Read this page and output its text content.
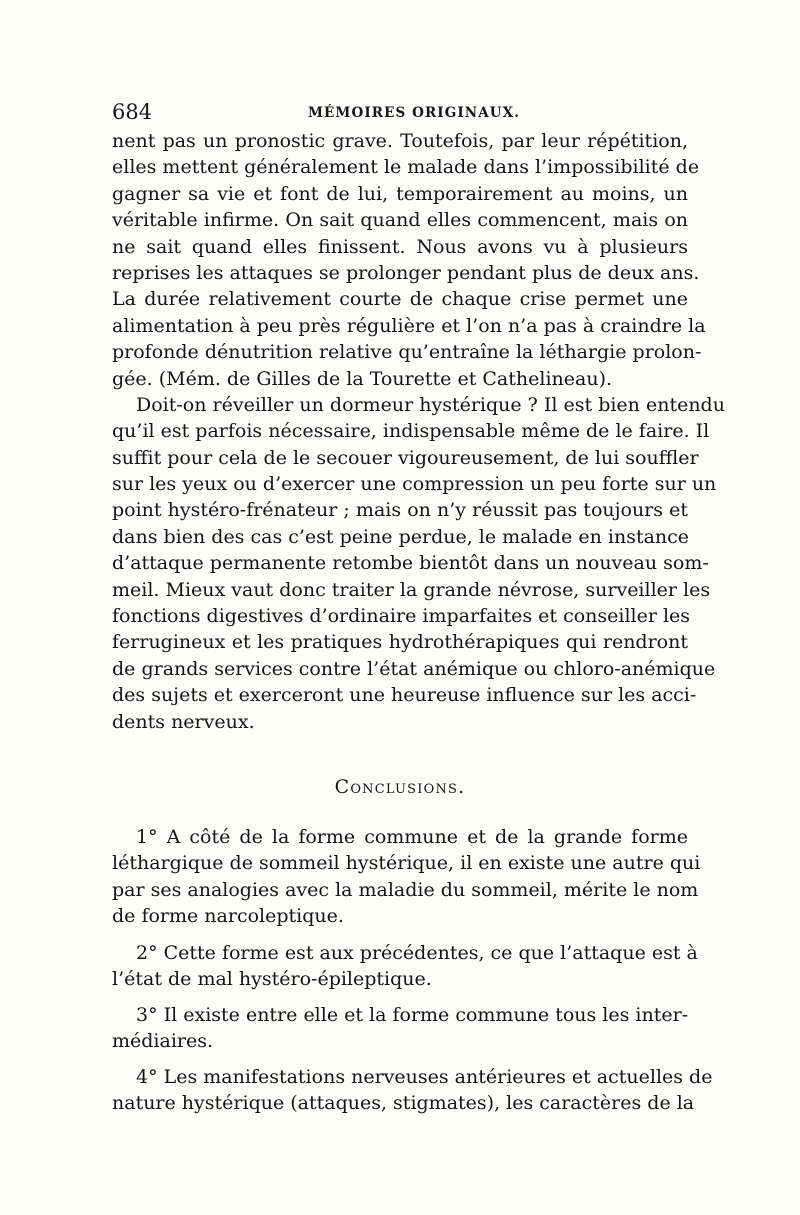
684	MÉMOIRES ORIGINAUX.
nent pas un pronostic grave. Toutefois, par leur répétition,
elles mettent généralement le malade dans l’impossibilité de
gagner sa vie et font de lui, temporairement au moins, un
véritable infirme. On sait quand elles commencent, mais on
ne sait quand elles finissent. Nous avons vu à plusieurs
reprises les attaques se prolonger pendant plus de deux ans.
La durée relativement courte de chaque crise permet une
alimentation à peu près régulière et l’on n’a pas à craindre la
profonde dénutrition relative qu’entraîne la léthargie prolon-
gée. (Mém. de Gilles de la Tourette et Cathelineau).
Doit-on réveiller un dormeur hystérique ? Il est bien entendu
qu’il est parfois nécessaire, indispensable même de le faire. Il
suffit pour cela de le secouer vigoureusement, de lui souffler
sur les yeux ou d’exercer une compression un peu forte sur un
point hystéro-frénateur ; mais on n’y réussit pas toujours et
dans bien des cas c’est peine perdue, le malade en instance
d’attaque permanente retombe bientôt dans un nouveau som-
meil. Mieux vaut donc traiter la grande névrose, surveiller les
fonctions digestives d’ordinaire imparfaites et conseiller les
ferrugineux et les pratiques hydrothérapiques qui rendront
de grands services contre l’état anémique ou chloro-anémique
des sujets et exerceront une heureuse influence sur les acci-
dents nerveux.
Conclusions.
1° A côté de la forme commune et de la grande forme
léthargique de sommeil hystérique, il en existe une autre qui
par ses analogies avec la maladie du sommeil, mérite le nom
de forme narcoleptique.
2° Cette forme est aux précédentes, ce que l’attaque est à
l’état de mal hystéro-épileptique.
3° Il existe entre elle et la forme commune tous les inter-
médiaires.
4° Les manifestations nerveuses antérieures et actuelles de
nature hystérique (attaques, stigmates), les caractères de la
